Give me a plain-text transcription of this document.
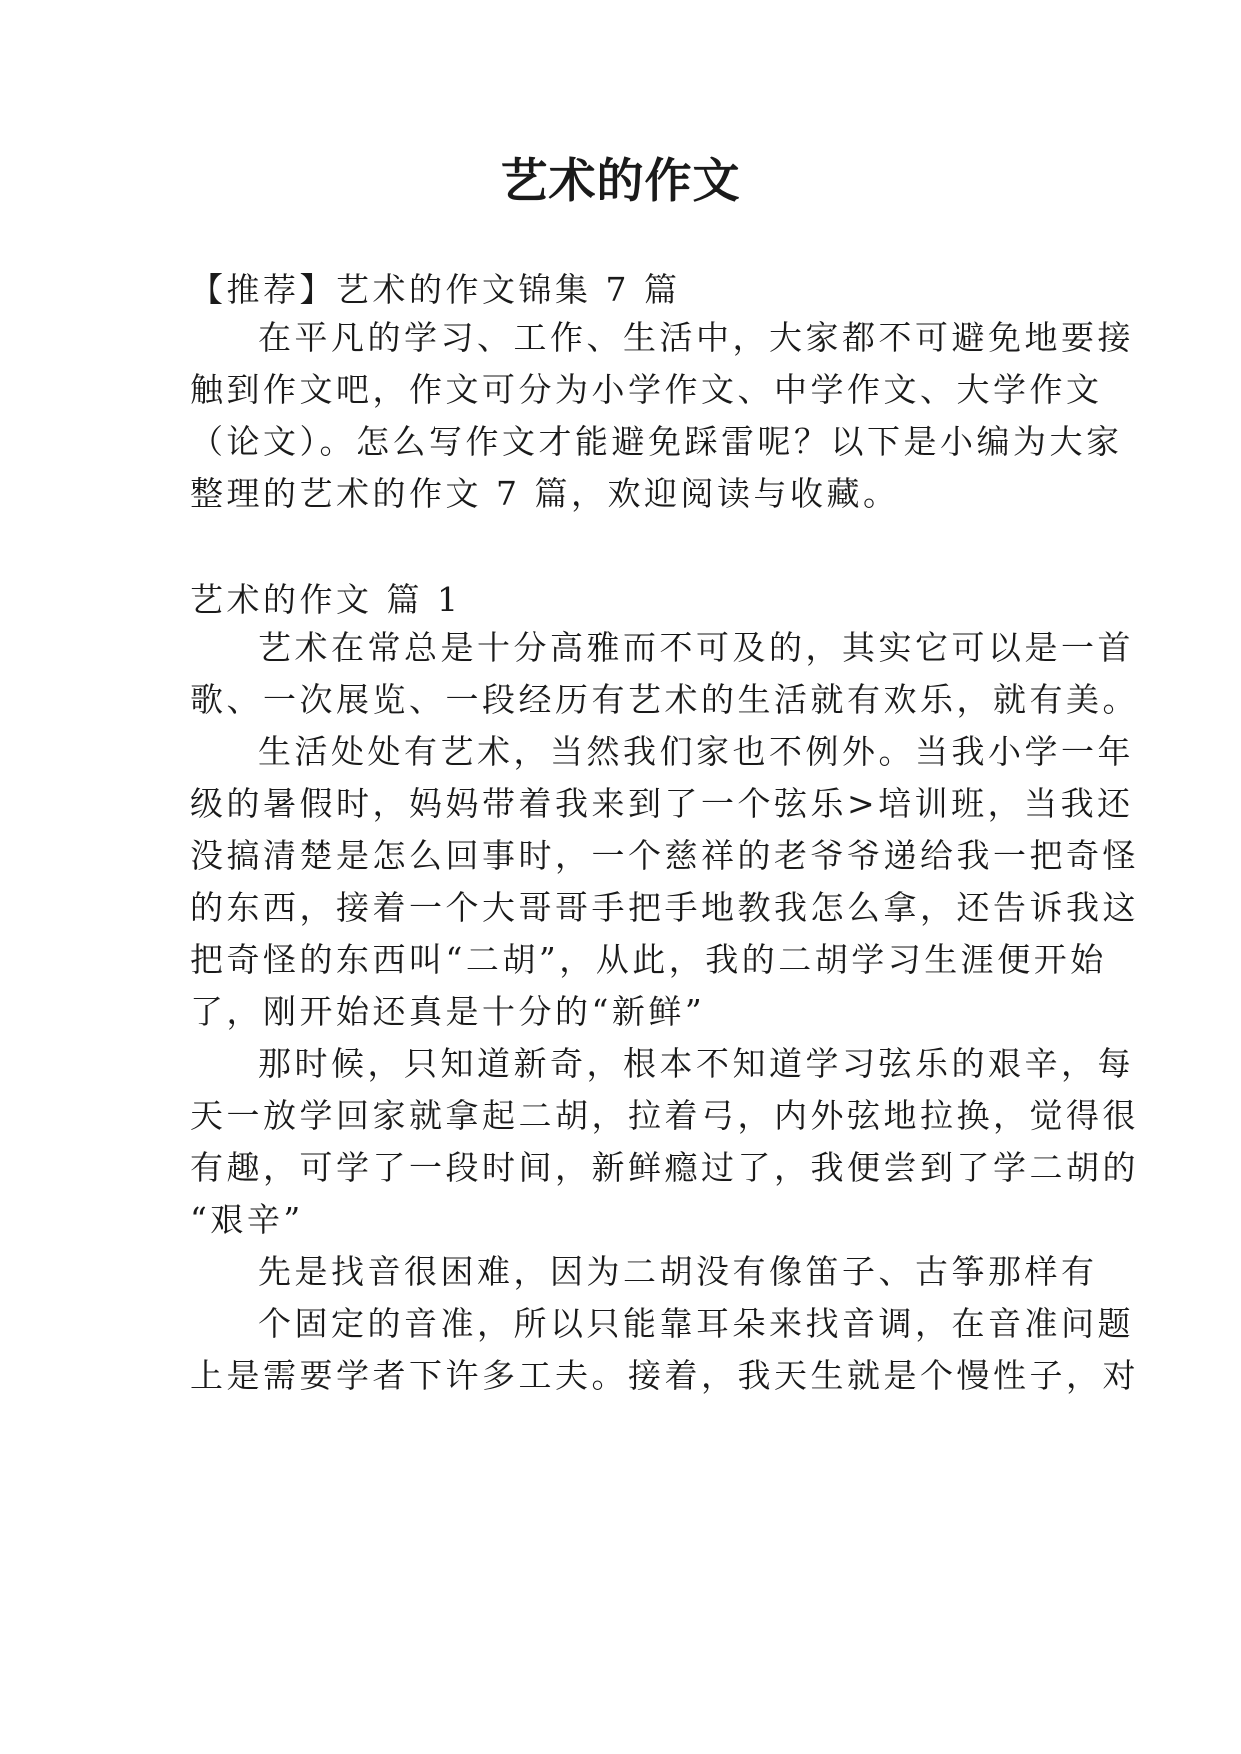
艺术的作文

【推荐】艺术的作文锦集 7 篇

在平凡的学习、工作、生活中，大家都不可避免地要接

触到作文吧，作文可分为小学作文、中学作文、大学作文

（论文）。怎么写作文才能避免踩雷呢？以下是小编为大家

整理的艺术的作文 7 篇，欢迎阅读与收藏。

艺术的作文 篇 1

艺术在常总是十分高雅而不可及的，其实它可以是一首

歌、一次展览、一段经历有艺术的生活就有欢乐，就有美。

生活处处有艺术，当然我们家也不例外。当我小学一年

级的暑假时，妈妈带着我来到了一个弦乐>培训班，当我还

没搞清楚是怎么回事时，一个慈祥的老爷爷递给我一把奇怪

的东西，接着一个大哥哥手把手地教我怎么拿，还告诉我这

把奇怪的东西叫“二胡”，从此，我的二胡学习生涯便开始

了，刚开始还真是十分的“新鲜”

那时候，只知道新奇，根本不知道学习弦乐的艰辛，每

天一放学回家就拿起二胡，拉着弓，内外弦地拉换，觉得很

有趣，可学了一段时间，新鲜瘾过了，我便尝到了学二胡的

“艰辛”

先是找音很困难，因为二胡没有像笛子、古筝那样有

个固定的音准，所以只能靠耳朵来找音调，在音准问题

上是需要学者下许多工夫。接着，我天生就是个慢性子，对
